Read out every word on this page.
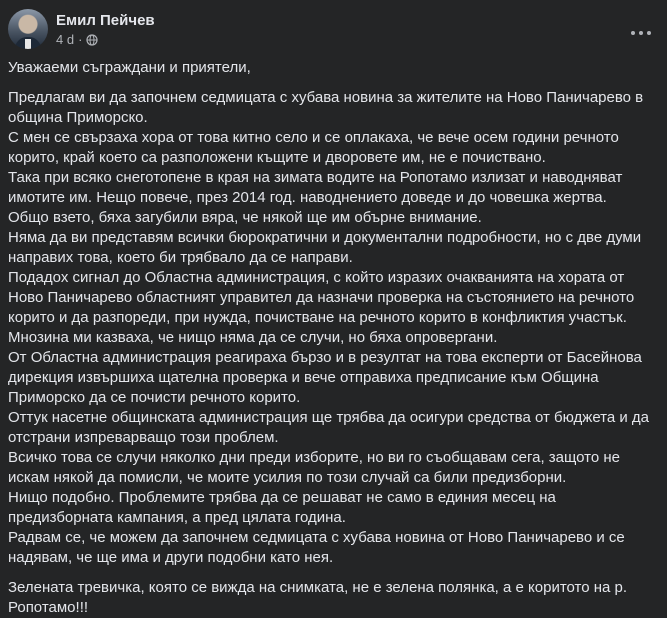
Емил Пейчев
4 d ·

Уважаеми съграждани и приятели,

Предлагам ви да започнем седмицата с хубава новина за жителите на Ново Паничарево в
община Приморско.
С мен се свързаха хора от това китно село и се оплакаха, че вече осем години речното
корито, край което са разположени къщите и дворовете им, не е почиствано.
Така при всяко снеготопене в края на зимата водите на Ропотамо излизат и наводняват
имотите им. Нещо повече, през 2014 год. наводнението доведе и до човешка жертва.
Общо взето, бяха загубили вяра, че някой ще им обърне внимание.
Няма да ви представям всички бюрократични и документални подробности, но с две думи
направих това, което би трябвало да се направи.
Подадох сигнал до Областна администрация, с който изразих очакванията на хората от
Ново Паничарево областният управител да назначи проверка на състоянието на речното
корито и да разпореди, при нужда, почистване на речното корито в конфликтия участък.
Мнозина ми казваха, че нищо няма да се случи, но бяха опровергани.
От Областна администрация реагираха бързо и в резултат на това експерти от Басейнова
дирекция извършиха щателна проверка и вече отправиха предписание към Община
Приморско да се почисти речното корито.
Оттук насетне общинската администрация ще трябва да осигури средства от бюджета и да
отстрани изпреварващо този проблем.
Всичко това се случи няколко дни преди изборите, но ви го съобщавам сега, защото не
искам някой да помисли, че моите усилия по този случай са били предизборни.
Нищо подобно. Проблемите трябва да се решават не само в единия месец на
предизборната кампания, а пред цялата година.
Радвам се, че можем да започнем седмицата с хубава новина от Ново Паничарево и се
надявам, че ще има и други подобни като нея.

Зелената тревичка, която се вижда на снимката, не е зелена полянка, а е коритото на р.
Ропотамо!!!
